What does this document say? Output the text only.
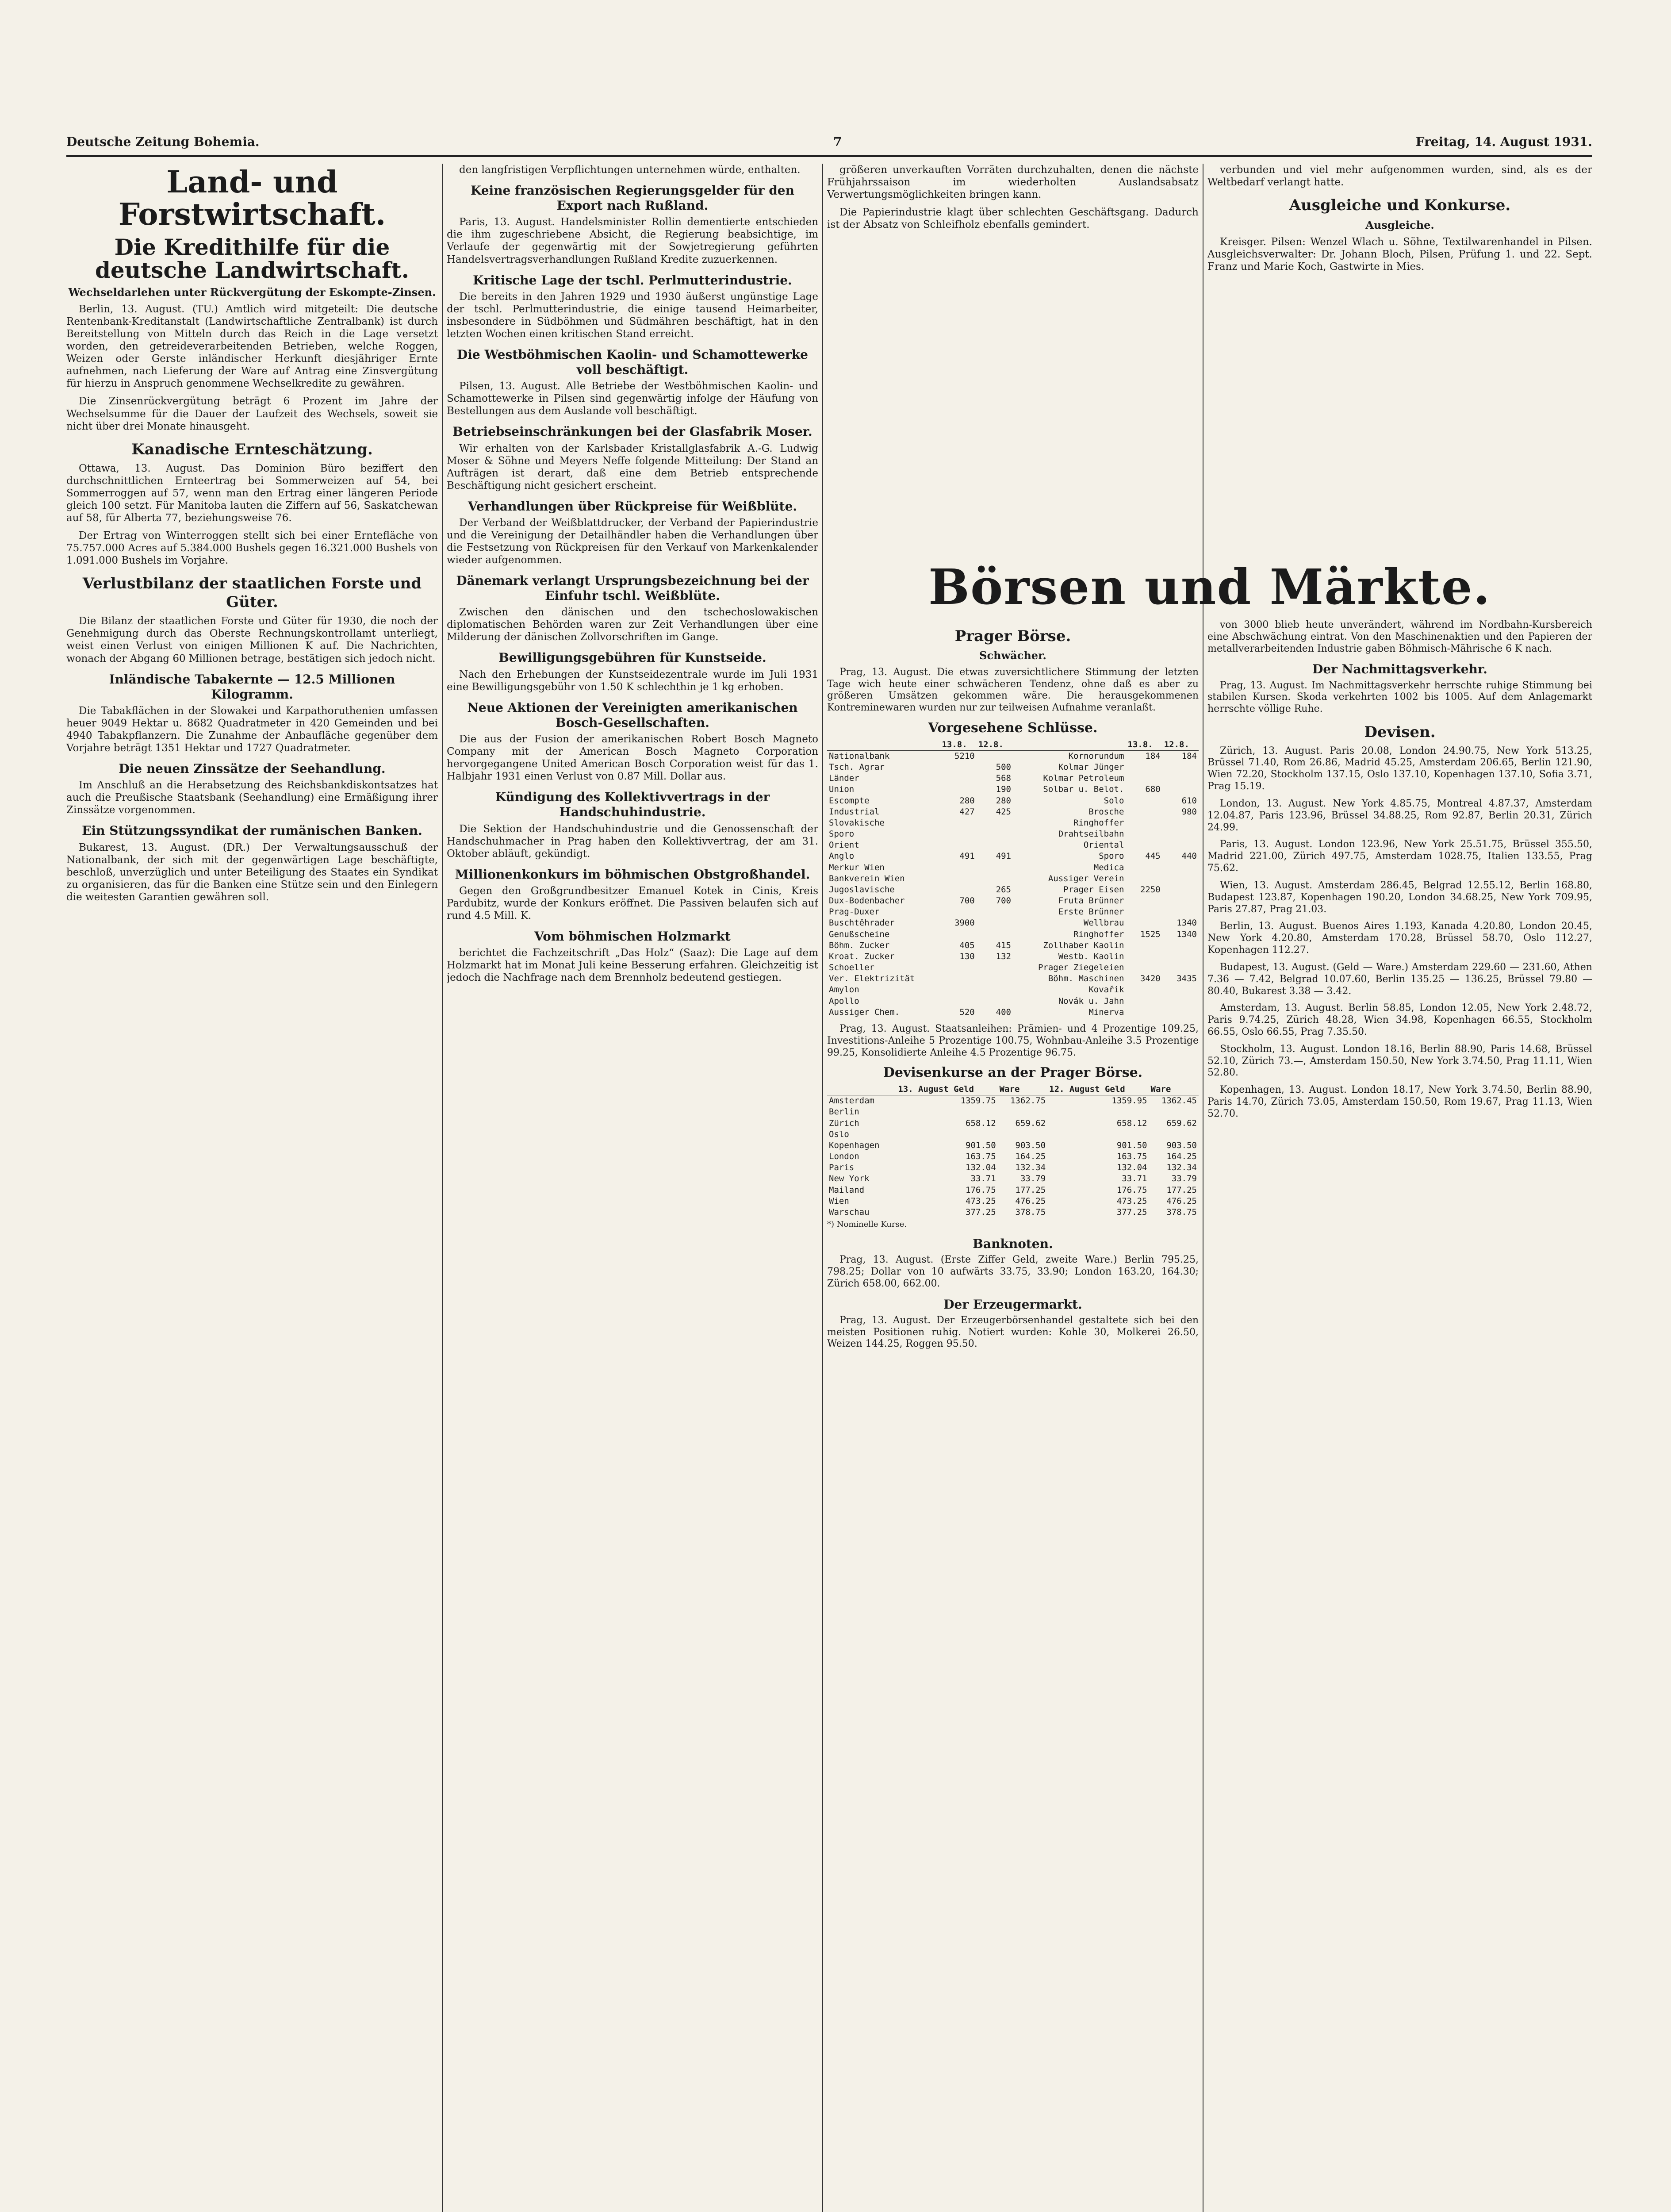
Deutsche Zeitung Bohemia.	7	Freitag, 14. August 1931.
Land- und Forstwirtschaft.
Die Kredithilfe für die deutsche Landwirtschaft.
Wechseldarlehen unter Rückvergütung der Eskompte-Zinsen.

Berlin, 13. August. (TU.) Amtlich wird mitgeteilt: Die deutsche Rentenbank-Kreditanstalt (Landwirtschaftliche Zentralbank) ist durch Bereitstellung von Mitteln durch das Reich in die Lage versetzt worden, den getreideverarbeitenden Betrieben, welche Roggen, Weizen oder Gerste inländischer Herkunft diesjähriger Ernte aufnehmen, nach Lieferung der Ware auf Antrag eine Zinsvergütung für hierzu in Anspruch genommene Wechselkredite zu gewähren.

Die Zinsenrückvergütung beträgt 6 Prozent im Jahre der Wechselsumme für die Dauer der Laufzeit des Wechsels, soweit sie nicht über drei Monate hinausgeht.

Kanadische Ernteschätzung.

Ottawa, 13. August. Das Dominion Büro beziffert den durchschnittlichen Ernteertrag bei Sommerweizen auf 54, bei Sommerroggen auf 57, wenn man den Ertrag einer längeren Periode gleich 100 setzt. Für Manitoba lauten die Ziffern auf 56, Saskatchewan auf 58, für Alberta 77, beziehungsweise 76.

Der Ertrag von Winterroggen stellt sich bei einer Erntefläche von 75.757.000 Acres auf 5.384.000 Bushels gegen 16.321.000 Bushels von 1.091.000 Bushels im Vorjahre.

Verlustbilanz der staatlichen Forste und Güter.

Die Bilanz der staatlichen Forste und Güter für 1930, die noch der Genehmigung durch das Oberste Rechnungskontrollamt unterliegt, weist einen Verlust von einigen Millionen K auf. Die Nachrichten, wonach der Abgang 60 Millionen betrage, bestätigen sich jedoch nicht.

Inländische Tabakernte — 12.5 Millionen Kilogramm.

Die Tabakflächen in der Slowakei und Karpathoruthenien umfassen heuer 9049 Hektar u. 8682 Quadratmeter in 420 Gemeinden und bei 4940 Tabakpflanzern. Die Zunahme der Anbaufläche gegenüber dem Vorjahre beträgt 1351 Hektar und 1727 Quadratmeter.

Die neuen Zinssätze der Seehandlung.

Im Anschluß an die Herabsetzung des Reichsbankdiskontsatzes hat auch die Preußische Staatsbank (Seehandlung) eine Ermäßigung ihrer Zinssätze vorgenommen.

Ein Stützungssyndikat der rumänischen Banken.

Bukarest, 13. August. (DR.) Der Verwaltungsausschuß der Nationalbank, der sich mit der gegenwärtigen Lage beschäftigte, beschloß, unverzüglich und unter Beteiligung des Staates ein Syndikat zu organisieren, das für die Banken eine Stütze sein und den Einlegern die weitesten Garantien gewähren soll.

den langfristigen Verpflichtungen unternehmen würde, enthalten.

Keine französischen Regierungsgelder für den Export nach Rußland.

Paris, 13. August. Handelsminister Rollin dementierte entschieden die ihm zugeschriebene Absicht, die Regierung beabsichtige, im Verlaufe der gegenwärtig mit der Sowjetregierung geführten Handelsvertragsverhandlungen Rußland Kredite zuzuerkennen.

Kritische Lage der tschl. Perlmutterindustrie.

Die bereits in den Jahren 1929 und 1930 äußerst ungünstige Lage der tschl. Perlmutterindustrie, die einige tausend Heimarbeiter, insbesondere in Südböhmen und Südmähren beschäftigt, hat in den letzten Wochen einen kritischen Stand erreicht.

Die Westböhmischen Kaolin- und Schamottewerke voll beschäftigt.

Pilsen, 13. August. Alle Betriebe der Westböhmischen Kaolin- und Schamottewerke in Pilsen sind gegenwärtig infolge der Häufung von Bestellungen aus dem Auslande voll beschäftigt.

Betriebseinschränkungen bei der Glasfabrik Moser.

Wir erhalten von der Karlsbader Kristallglasfabrik A.-G. Ludwig Moser & Söhne und Meyers Neffe folgende Mitteilung: Der Stand an Aufträgen ist derart, daß eine dem Betrieb entsprechende Beschäftigung nicht gesichert erscheint.

Verhandlungen über Rückpreise für Weißblüte.

Der Verband der Weißblattdrucker, der Verband der Papierindustrie und die Vereinigung der Detailhändler haben die Verhandlungen über die Festsetzung von Rückpreisen für den Verkauf von Markenkalender wieder aufgenommen.

Dänemark verlangt Ursprungsbezeichnung bei der Einfuhr tschl. Weißblüte.

Zwischen den dänischen und den tschechoslowakischen diplomatischen Behörden waren zur Zeit Verhandlungen über eine Milderung der dänischen Zollvorschriften im Gange.

Bewilligungsgebühren für Kunstseide.

Nach den Erhebungen der Kunstseidezentrale wurde im Juli 1931 eine Bewilligungsgebühr von 1.50 K schlechthin je 1 kg erhoben.

Neue Aktionen der Vereinigten amerikanischen Bosch-Gesellschaften.

Die aus der Fusion der amerikanischen Robert Bosch Magneto Company mit der American Bosch Magneto Corporation hervorgegangene United American Bosch Corporation weist für das 1. Halbjahr 1931 einen Verlust von 0.87 Mill. Dollar aus.

Kündigung des Kollektivvertrags in der Handschuhindustrie.

Die Sektion der Handschuhindustrie und die Genossenschaft der Handschuhmacher in Prag haben den Kollektivvertrag, der am 31. Oktober abläuft, gekündigt.

Millionenkonkurs im böhmischen Obstgroßhandel.

Gegen den Großgrundbesitzer Emanuel Kotek in Cinis, Kreis Pardubitz, wurde der Konkurs eröffnet. Die Passiven belaufen sich auf rund 4.5 Mill. K.

Vom böhmischen Holzmarkt

berichtet die Fachzeitschrift „Das Holz“ (Saaz): Die Lage auf dem Holzmarkt hat im Monat Juli keine Besserung erfahren. Gleichzeitig ist jedoch die Nachfrage nach dem Brennholz bedeutend gestiegen.

größeren unverkauften Vorräten durchzuhalten, denen die nächste Frühjahrssaison im wiederholten Auslandsabsatz Verwertungsmöglichkeiten bringen kann.

Die Papierindustrie klagt über schlechten Geschäftsgang. Dadurch ist der Absatz von Schleifholz ebenfalls gemindert.

verbunden und viel mehr aufgenommen wurden, sind, als es der Weltbedarf verlangt hatte.

Ausgleiche und Konkurse.
Ausgleiche.

Kreisger. Pilsen: Wenzel Wlach u. Söhne, Textilwarenhandel in Pilsen. Ausgleichsverwalter: Dr. Johann Bloch, Pilsen, Prüfung 1. und 22. Sept. Franz und Marie Koch, Gastwirte in Mies.

Börsen und Märkte.
Prager Börse.
Schwächer.

Prag, 13. August. Die etwas zuversichtlichere Stimmung der letzten Tage wich heute einer schwächeren Tendenz, ohne daß es aber zu größeren Umsätzen gekommen wäre. Die herausgekommenen Kontreminewaren wurden nur zur teilweisen Aufnahme veranlaßt.

Vorgesehene Schlüsse.
	13.8.	12.8.		13.8.	12.8.
Nationalbank	5210		Kornorundum	184	184
Tsch. Agrar		500	Kolmar Jünger		
Länder		568	Kolmar Petroleum		
Union		190	Solbar u. Belot.	680	
Escompte	280	280	Solo		610
Industrial	427	425	Brosche		980
Slovakische			Ringhoffer		
Sporo			Drahtseilbahn		
Orient			Oriental		
Anglo	491	491	Sporo	445	440
Merkur Wien			Medica		
Bankverein Wien			Aussiger Verein		
Jugoslavische		265	Prager Eisen	2250	
Dux-Bodenbacher	700	700	Fruta Brünner		
Prag-Duxer			Erste Brünner		
Buschtěhrader	3900		Wellbrau		1340
Genußscheine			Ringhoffer	1525	1340
Böhm. Zucker	405	415	Zollhaber Kaolin		
Kroat. Zucker	130	132	Westb. Kaolin		
Schoeller			Prager Ziegeleien		
Ver. Elektrizität			Böhm. Maschinen	3420	3435
Amylon			Kovařik		
Apollo			Novák u. Jahn		
Aussiger Chem.	520	400	Minerva		

Prag, 13. August. Staatsanleihen: Prämien- und 4 Prozentige 109.25, Investitions-Anleihe 5 Prozentige 100.75, Wohnbau-Anleihe 3.5 Prozentige 99.25, Konsolidierte Anleihe 4.5 Prozentige 96.75.

Devisenkurse an der Prager Börse.
	13. August Geld	Ware	12. August Geld	Ware
Amsterdam	1359.75	1362.75	1359.95	1362.45
Berlin				
Zürich	658.12	659.62	658.12	659.62
Oslo				
Kopenhagen	901.50	903.50	901.50	903.50
London	163.75	164.25	163.75	164.25
Paris	132.04	132.34	132.04	132.34
New York	33.71	33.79	33.71	33.79
Mailand	176.75	177.25	176.75	177.25
Wien	473.25	476.25	473.25	476.25
Warschau	377.25	378.75	377.25	378.75
*) Nominelle Kurse.
Banknoten.

Prag, 13. August. (Erste Ziffer Geld, zweite Ware.) Berlin 795.25, 798.25; Dollar von 10 aufwärts 33.75, 33.90; London 163.20, 164.30; Zürich 658.00, 662.00.

Der Erzeugermarkt.

Prag, 13. August. Der Erzeugerbörsenhandel gestaltete sich bei den meisten Positionen ruhig. Notiert wurden: Kohle 30, Molkerei 26.50, Weizen 144.25, Roggen 95.50.

von 3000 blieb heute unverändert, während im Nordbahn-Kursbereich eine Abschwächung eintrat. Von den Maschinenaktien und den Papieren der metallverarbeitenden Industrie gaben Böhmisch-Mährische 6 K nach.

Der Nachmittagsverkehr.

Prag, 13. August. Im Nachmittagsverkehr herrschte ruhige Stimmung bei stabilen Kursen. Skoda verkehrten 1002 bis 1005. Auf dem Anlagemarkt herrschte völlige Ruhe.

Devisen.

Zürich, 13. August. Paris 20.08, London 24.90.75, New York 513.25, Brüssel 71.40, Rom 26.86, Madrid 45.25, Amsterdam 206.65, Berlin 121.90, Wien 72.20, Stockholm 137.15, Oslo 137.10, Kopenhagen 137.10, Sofia 3.71, Prag 15.19.

London, 13. August. New York 4.85.75, Montreal 4.87.37, Amsterdam 12.04.87, Paris 123.96, Brüssel 34.88.25, Rom 92.87, Berlin 20.31, Zürich 24.99.

Paris, 13. August. London 123.96, New York 25.51.75, Brüssel 355.50, Madrid 221.00, Zürich 497.75, Amsterdam 1028.75, Italien 133.55, Prag 75.62.

Wien, 13. August. Amsterdam 286.45, Belgrad 12.55.12, Berlin 168.80, Budapest 123.87, Kopenhagen 190.20, London 34.68.25, New York 709.95, Paris 27.87, Prag 21.03.

Berlin, 13. August. Buenos Aires 1.193, Kanada 4.20.80, London 20.45, New York 4.20.80, Amsterdam 170.28, Brüssel 58.70, Oslo 112.27, Kopenhagen 112.27.

Budapest, 13. August. (Geld — Ware.) Amsterdam 229.60 — 231.60, Athen 7.36 — 7.42, Belgrad 10.07.60, Berlin 135.25 — 136.25, Brüssel 79.80 — 80.40, Bukarest 3.38 — 3.42.

Amsterdam, 13. August. Berlin 58.85, London 12.05, New York 2.48.72, Paris 9.74.25, Zürich 48.28, Wien 34.98, Kopenhagen 66.55, Stockholm 66.55, Oslo 66.55, Prag 7.35.50.

Stockholm, 13. August. London 18.16, Berlin 88.90, Paris 14.68, Brüssel 52.10, Zürich 73.—, Amsterdam 150.50, New York 3.74.50, Prag 11.11, Wien 52.80.

Kopenhagen, 13. August. London 18.17, New York 3.74.50, Berlin 88.90, Paris 14.70, Zürich 73.05, Amsterdam 150.50, Rom 19.67, Prag 11.13, Wien 52.70.
